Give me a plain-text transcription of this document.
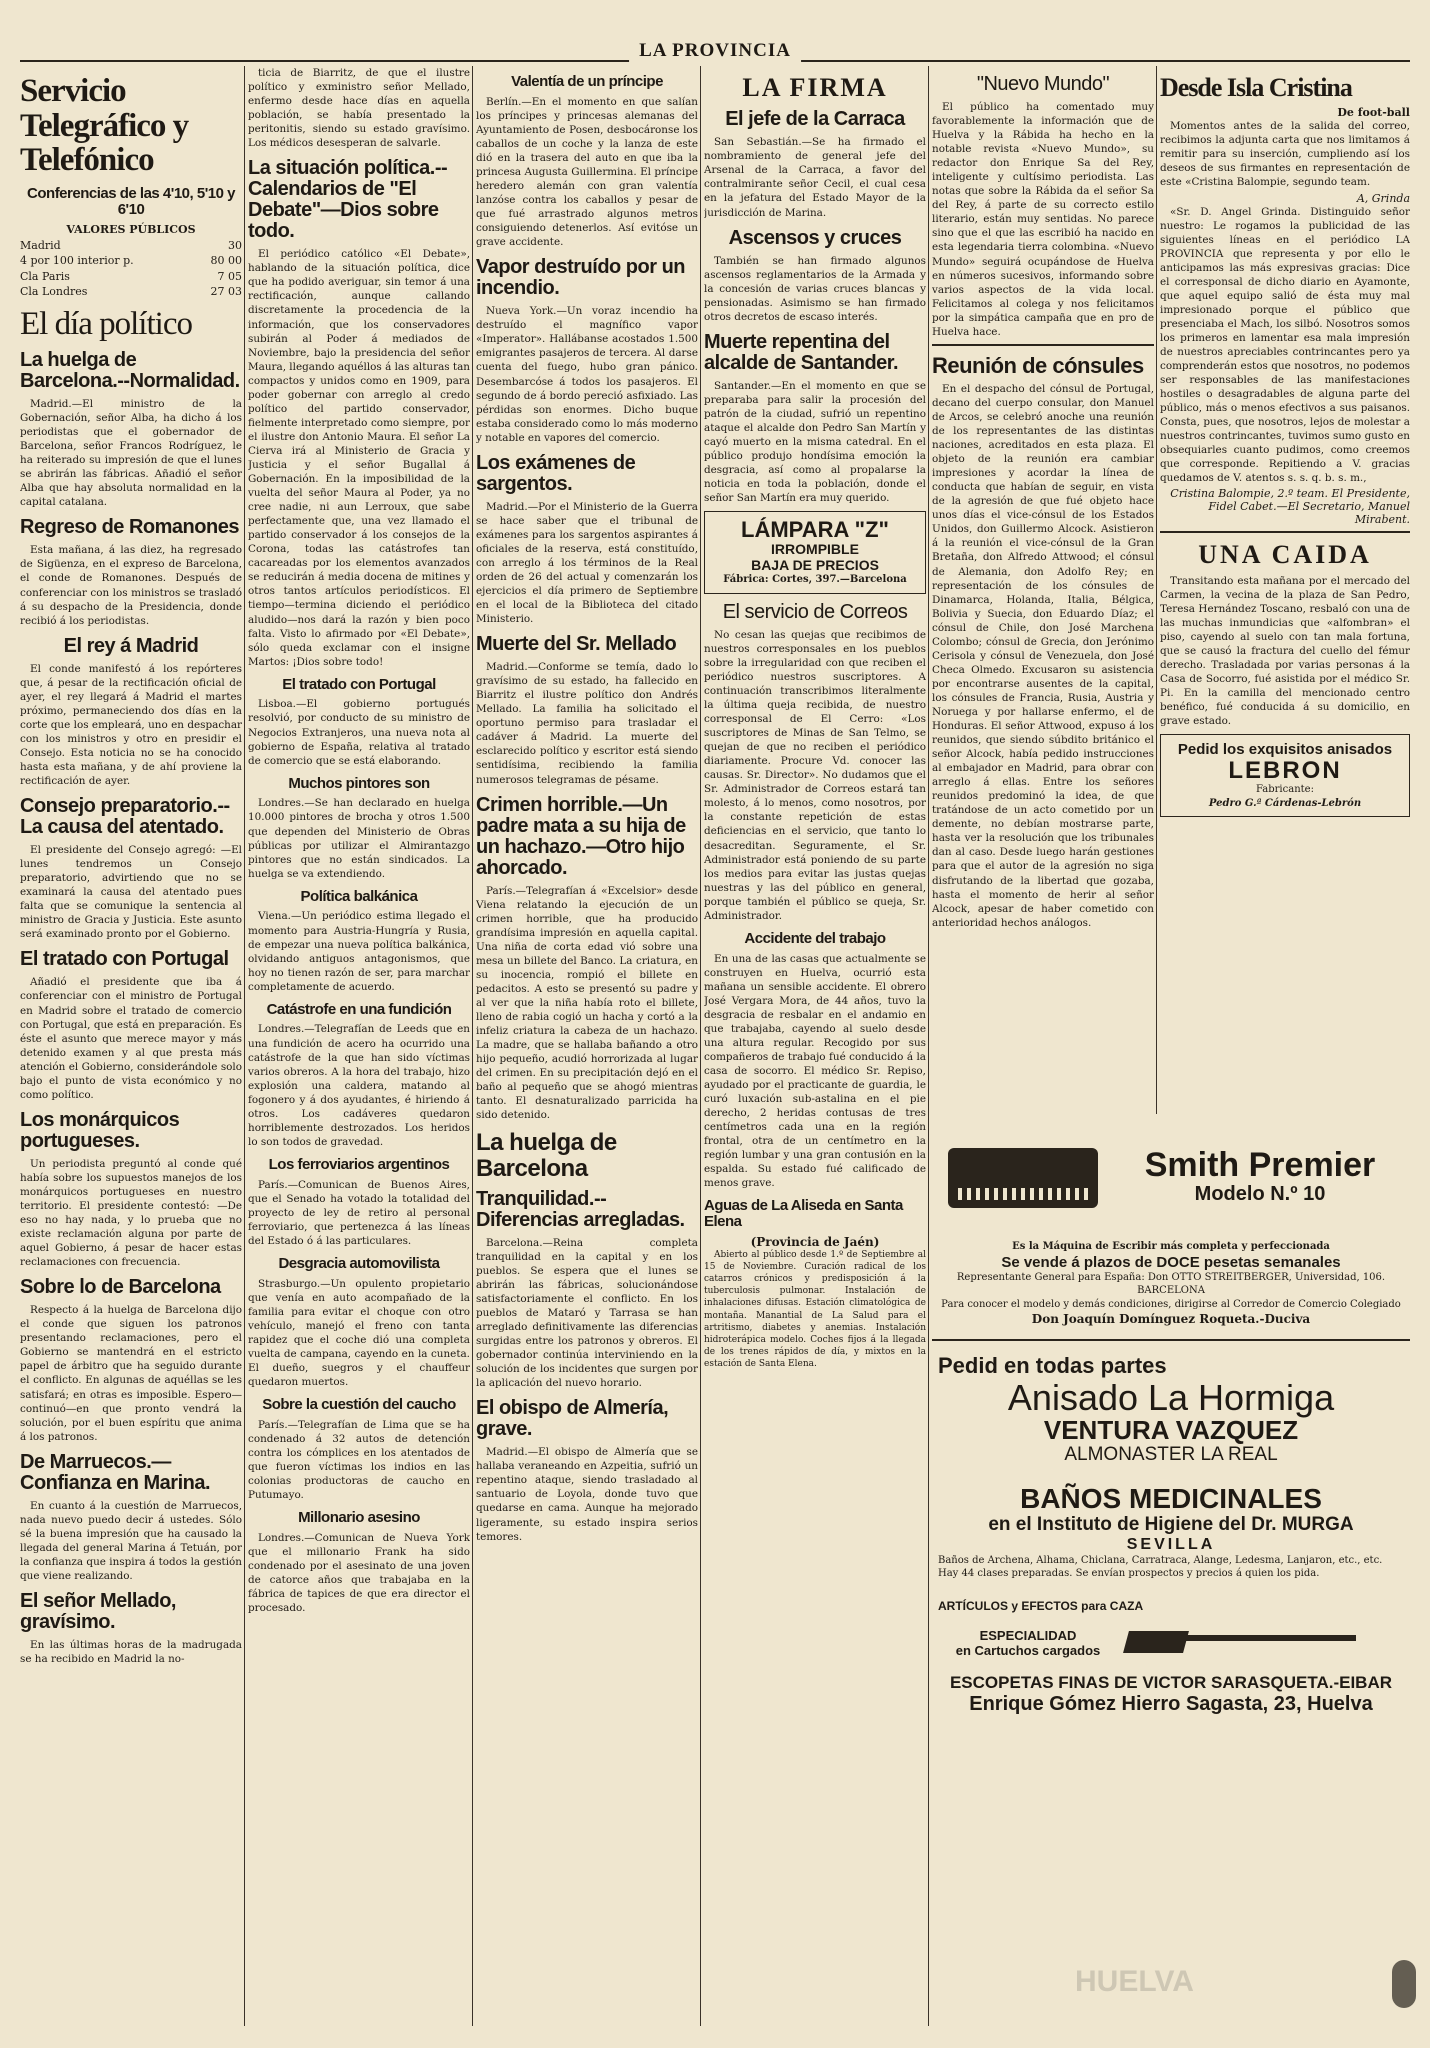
LA PROVINCIA
Servicio Telegráfico y Telefónico
Conferencias de las 4'10, 5'10 y 6'10
VALORES PÚBLICOS
Madrid	30
4 por 100 interior p.	80 00
Cla Paris	7 05
Cla Londres	27 03
El día político
La huelga de Barcelona.--Normalidad.

Madrid.—El ministro de la Gobernación, señor Alba, ha dicho á los periodistas que el gobernador de Barcelona, señor Francos Rodríguez, le ha reiterado su impresión de que el lunes se abrirán las fábricas. Añadió el señor Alba que hay absoluta normalidad en la capital catalana.

Regreso de Romanones

Esta mañana, á las diez, ha regresado de Sigüenza, en el expreso de Barcelona, el conde de Romanones. Después de conferenciar con los ministros se trasladó á su despacho de la Presidencia, donde recibió á los periodistas.

El rey á Madrid

El conde manifestó á los repórteres que, á pesar de la rectificación oficial de ayer, el rey llegará á Madrid el martes próximo, permaneciendo dos días en la corte que los empleará, uno en despachar con los ministros y otro en presidir el Consejo. Esta noticia no se ha conocido hasta esta mañana, y de ahí proviene la rectificación de ayer.

Consejo preparatorio.--La causa del atentado.

El presidente del Consejo agregó: —El lunes tendremos un Consejo preparatorio, advirtiendo que no se examinará la causa del atentado pues falta que se comunique la sentencia al ministro de Gracia y Justicia. Este asunto será examinado pronto por el Gobierno.

El tratado con Portugal

Añadió el presidente que iba á conferenciar con el ministro de Portugal en Madrid sobre el tratado de comercio con Portugal, que está en preparación. Es éste el asunto que merece mayor y más detenido examen y al que presta más atención el Gobierno, considerándole solo bajo el punto de vista económico y no como político.

Los monárquicos portugueses.

Un periodista preguntó al conde qué había sobre los supuestos manejos de los monárquicos portugueses en nuestro territorio. El presidente contestó: —De eso no hay nada, y lo prueba que no existe reclamación alguna por parte de aquel Gobierno, á pesar de hacer estas reclamaciones con frecuencia.

Sobre lo de Barcelona

Respecto á la huelga de Barcelona dijo el conde que siguen los patronos presentando reclamaciones, pero el Gobierno se mantendrá en el estricto papel de árbitro que ha seguido durante el conflicto. En algunas de aquéllas se les satisfará; en otras es imposible. Espero—continuó—en que pronto vendrá la solución, por el buen espíritu que anima á los patronos.

De Marruecos.—Confianza en Marina.

En cuanto á la cuestión de Marruecos, nada nuevo puedo decir á ustedes. Sólo sé la buena impresión que ha causado la llegada del general Marina á Tetuán, por la confianza que inspira á todos la gestión que viene realizando.

El señor Mellado, gravísimo.

En las últimas horas de la madrugada se ha recibido en Madrid la no-

ticia de Biarritz, de que el ilustre político y exministro señor Mellado, enfermo desde hace días en aquella población, se había presentado la peritonitis, siendo su estado gravísimo. Los médicos desesperan de salvarle.

La situación política.--Calendarios de "El Debate"—Dios sobre todo.

El periódico católico «El Debate», hablando de la situación política, dice que ha podido averiguar, sin temor á una rectificación, aunque callando discretamente la procedencia de la información, que los conservadores subirán al Poder á mediados de Noviembre, bajo la presidencia del señor Maura, llegando aquéllos á las alturas tan compactos y unidos como en 1909, para poder gobernar con arreglo al credo político del partido conservador, fielmente interpretado como siempre, por el ilustre don Antonio Maura. El señor La Cierva irá al Ministerio de Gracia y Justicia y el señor Bugallal á Gobernación. En la imposibilidad de la vuelta del señor Maura al Poder, ya no cree nadie, ni aun Lerroux, que sabe perfectamente que, una vez llamado el partido conservador á los consejos de la Corona, todas las catástrofes tan cacareadas por los elementos avanzados se reducirán á media docena de mitines y otros tantos artículos periodísticos. El tiempo—termina diciendo el periódico aludido—nos dará la razón y bien poco falta. Visto lo afirmado por «El Debate», sólo queda exclamar con el insigne Martos: ¡Dios sobre todo!

El tratado con Portugal

Lisboa.—El gobierno portugués resolvió, por conducto de su ministro de Negocios Extranjeros, una nueva nota al gobierno de España, relativa al tratado de comercio que se está elaborando.

Muchos pintores son

Londres.—Se han declarado en huelga 10.000 pintores de brocha y otros 1.500 que dependen del Ministerio de Obras públicas por utilizar el Almirantazgo pintores que no están sindicados. La huelga se va extendiendo.

Política balkánica

Viena.—Un periódico estima llegado el momento para Austria-Hungría y Rusia, de empezar una nueva política balkánica, olvidando antiguos antagonismos, que hoy no tienen razón de ser, para marchar completamente de acuerdo.

Catástrofe en una fundición

Londres.—Telegrafían de Leeds que en una fundición de acero ha ocurrido una catástrofe de la que han sido víctimas varios obreros. A la hora del trabajo, hizo explosión una caldera, matando al fogonero y á dos ayudantes, é hiriendo á otros. Los cadáveres quedaron horriblemente destrozados. Los heridos lo son todos de gravedad.

Los ferroviarios argentinos

París.—Comunican de Buenos Aires, que el Senado ha votado la totalidad del proyecto de ley de retiro al personal ferroviario, que pertenezca á las líneas del Estado ó á las particulares.

Desgracia automovilista

Strasburgo.—Un opulento propietario que venía en auto acompañado de la familia para evitar el choque con otro vehículo, manejó el freno con tanta rapidez que el coche dió una completa vuelta de campana, cayendo en la cuneta. El dueño, suegros y el chauffeur quedaron muertos.

Sobre la cuestión del caucho

París.—Telegrafían de Lima que se ha condenado á 32 autos de detención contra los cómplices en los atentados de que fueron víctimas los indios en las colonias productoras de caucho en Putumayo.

Millonario asesino

Londres.—Comunican de Nueva York que el millonario Frank ha sido condenado por el asesinato de una joven de catorce años que trabajaba en la fábrica de tapices de que era director el procesado.

Valentía de un príncipe

Berlín.—En el momento en que salían los príncipes y princesas alemanas del Ayuntamiento de Posen, desbocáronse los caballos de un coche y la lanza de este dió en la trasera del auto en que iba la princesa Augusta Guillermina. El príncipe heredero alemán con gran valentía lanzóse contra los caballos y pesar de que fué arrastrado algunos metros consiguiendo detenerlos. Así evitóse un grave accidente.

Vapor destruído por un incendio.

Nueva York.—Un voraz incendio ha destruído el magnífico vapor «Imperator». Hallábanse acostados 1.500 emigrantes pasajeros de tercera. Al darse cuenta del fuego, hubo gran pánico. Desembarcóse á todos los pasajeros. El segundo de á bordo pereció asfixiado. Las pérdidas son enormes. Dicho buque estaba considerado como lo más moderno y notable en vapores del comercio.

Los exámenes de sargentos.

Madrid.—Por el Ministerio de la Guerra se hace saber que el tribunal de exámenes para los sargentos aspirantes á oficiales de la reserva, está constituído, con arreglo á los términos de la Real orden de 26 del actual y comenzarán los ejercicios el día primero de Septiembre en el local de la Biblioteca del citado Ministerio.

Muerte del Sr. Mellado

Madrid.—Conforme se temía, dado lo gravísimo de su estado, ha fallecido en Biarritz el ilustre político don Andrés Mellado. La familia ha solicitado el oportuno permiso para trasladar el cadáver á Madrid. La muerte del esclarecido político y escritor está siendo sentidísima, recibiendo la familia numerosos telegramas de pésame.

Crimen horrible.—Un padre mata a su hija de un hachazo.—Otro hijo ahorcado.

París.—Telegrafían á «Excelsior» desde Viena relatando la ejecución de un crimen horrible, que ha producido grandísima impresión en aquella capital. Una niña de corta edad vió sobre una mesa un billete del Banco. La criatura, en su inocencia, rompió el billete en pedacitos. A esto se presentó su padre y al ver que la niña había roto el billete, lleno de rabia cogió un hacha y cortó a la infeliz criatura la cabeza de un hachazo. La madre, que se hallaba bañando a otro hijo pequeño, acudió horrorizada al lugar del crimen. En su precipitación dejó en el baño al pequeño que se ahogó mientras tanto. El desnaturalizado parricida ha sido detenido.

La huelga de Barcelona
Tranquilidad.--Diferencias arregladas.

Barcelona.—Reina completa tranquilidad en la capital y en los pueblos. Se espera que el lunes se abrirán las fábricas, solucionándose satisfactoriamente el conflicto. En los pueblos de Mataró y Tarrasa se han arreglado definitivamente las diferencias surgidas entre los patronos y obreros. El gobernador continúa interviniendo en la solución de los incidentes que surgen por la aplicación del nuevo horario.

El obispo de Almería, grave.

Madrid.—El obispo de Almería que se hallaba veraneando en Azpeitia, sufrió un repentino ataque, siendo trasladado al santuario de Loyola, donde tuvo que quedarse en cama. Aunque ha mejorado ligeramente, su estado inspira serios temores.

LA FIRMA
El jefe de la Carraca

San Sebastián.—Se ha firmado el nombramiento de general jefe del Arsenal de la Carraca, a favor del contralmirante señor Cecil, el cual cesa en la jefatura del Estado Mayor de la jurisdicción de Marina.

Ascensos y cruces

También se han firmado algunos ascensos reglamentarios de la Armada y la concesión de varias cruces blancas y pensionadas. Asimismo se han firmado otros decretos de escaso interés.

Muerte repentina del alcalde de Santander.

Santander.—En el momento en que se preparaba para salir la procesión del patrón de la ciudad, sufrió un repentino ataque el alcalde don Pedro San Martín y cayó muerto en la misma catedral. En el público produjo hondísima emoción la desgracia, así como al propalarse la noticia en toda la población, donde el señor San Martín era muy querido.

LÁMPARA "Z"
IRROMPIBLE
BAJA DE PRECIOS
Fábrica: Cortes, 397.—Barcelona
El servicio de Correos

No cesan las quejas que recibimos de nuestros corresponsales en los pueblos sobre la irregularidad con que reciben el periódico nuestros suscriptores. A continuación transcribimos literalmente la última queja recibida, de nuestro corresponsal de El Cerro: «Los suscriptores de Minas de San Telmo, se quejan de que no reciben el periódico diariamente. Procure Vd. conocer las causas. Sr. Director». No dudamos que el Sr. Administrador de Correos estará tan molesto, á lo menos, como nosotros, por la constante repetición de estas deficiencias en el servicio, que tanto lo desacreditan. Seguramente, el Sr. Administrador está poniendo de su parte los medios para evitar las justas quejas nuestras y las del público en general, porque también el público se queja, Sr. Administrador.

Accidente del trabajo

En una de las casas que actualmente se construyen en Huelva, ocurrió esta mañana un sensible accidente. El obrero José Vergara Mora, de 44 años, tuvo la desgracia de resbalar en el andamio en que trabajaba, cayendo al suelo desde una altura regular. Recogido por sus compañeros de trabajo fué conducido á la casa de socorro. El médico Sr. Repiso, ayudado por el practicante de guardia, le curó luxación sub-astalina en el pie derecho, 2 heridas contusas de tres centímetros cada una en la región frontal, otra de un centímetro en la región lumbar y una gran contusión en la espalda. Su estado fué calificado de menos grave.

Aguas de La Aliseda en Santa Elena
(Provincia de Jaén)

Abierto al público desde 1.º de Septiembre al 15 de Noviembre. Curación radical de los catarros crónicos y predisposición á la tuberculosis pulmonar. Instalación de inhalaciones difusas. Estación climatológica de montaña. Manantial de La Salud para el artritismo, diabetes y anemias. Instalación hidroterápica modelo. Coches fijos á la llegada de los trenes rápidos de día, y mixtos en la estación de Santa Elena.

"Nuevo Mundo"

El público ha comentado muy favorablemente la información que de Huelva y la Rábida ha hecho en la notable revista «Nuevo Mundo», su redactor don Enrique Sa del Rey, inteligente y cultísimo periodista. Las notas que sobre la Rábida da el señor Sa del Rey, á parte de su correcto estilo literario, están muy sentidas. No parece sino que el que las escribió ha nacido en esta legendaria tierra colombina. «Nuevo Mundo» seguirá ocupándose de Huelva en números sucesivos, informando sobre varios aspectos de la vida local. Felicitamos al colega y nos felicitamos por la simpática campaña que en pro de Huelva hace.

Reunión de cónsules

En el despacho del cónsul de Portugal, decano del cuerpo consular, don Manuel de Arcos, se celebró anoche una reunión de los representantes de las distintas naciones, acreditados en esta plaza. El objeto de la reunión era cambiar impresiones y acordar la línea de conducta que habían de seguir, en vista de la agresión de que fué objeto hace unos días el vice-cónsul de los Estados Unidos, don Guillermo Alcock. Asistieron á la reunión el vice-cónsul de la Gran Bretaña, don Alfredo Attwood; el cónsul de Alemania, don Adolfo Rey; en representación de los cónsules de Dinamarca, Holanda, Italia, Bélgica, Bolivia y Suecia, don Eduardo Díaz; el cónsul de Chile, don José Marchena Colombo; cónsul de Grecia, don Jerónimo Cerisola y cónsul de Venezuela, don José Checa Olmedo. Excusaron su asistencia por encontrarse ausentes de la capital, los cónsules de Francia, Rusia, Austria y Noruega y por hallarse enfermo, el de Honduras. El señor Attwood, expuso á los reunidos, que siendo súbdito británico el señor Alcock, había pedido instrucciones al embajador en Madrid, para obrar con arreglo á ellas. Entre los señores reunidos predominó la idea, de que tratándose de un acto cometido por un demente, no debían mostrarse parte, hasta ver la resolución que los tribunales dan al caso. Desde luego harán gestiones para que el autor de la agresión no siga disfrutando de la libertad que gozaba, hasta el momento de herir al señor Alcock, apesar de haber cometido con anterioridad hechos análogos.

Desde Isla Cristina
De foot-ball

Momentos antes de la salida del correo, recibimos la adjunta carta que nos limitamos á remitir para su inserción, cumpliendo así los deseos de sus firmantes en representación de este «Cristina Balompie, segundo team.

A, Grinda

«Sr. D. Angel Grinda. Distinguido señor nuestro: Le rogamos la publicidad de las siguientes líneas en el periódico LA PROVINCIA que representa y por ello le anticipamos las más expresivas gracias: Dice el corresponsal de dicho diario en Ayamonte, que aquel equipo salió de ésta muy mal impresionado porque el público que presenciaba el Mach, los silbó. Nosotros somos los primeros en lamentar esa mala impresión de nuestros apreciables contrincantes pero ya comprenderán estos que nosotros, no podemos ser responsables de las manifestaciones hostiles o desagradables de alguna parte del público, más o menos efectivos a sus paisanos. Consta, pues, que nosotros, lejos de molestar a nuestros contrincantes, tuvimos sumo gusto en obsequiarles cuanto pudimos, como creemos que corresponde. Repitiendo a V. gracias quedamos de V. atentos s. s. q. b. s. m.,

Cristina Balompie, 2.º team. El Presidente, Fidel Cabet.—El Secretario, Manuel Mirabent.
UNA CAIDA

Transitando esta mañana por el mercado del Carmen, la vecina de la plaza de San Pedro, Teresa Hernández Toscano, resbaló con una de las muchas inmundicias que «alfombran» el piso, cayendo al suelo con tan mala fortuna, que se causó la fractura del cuello del fémur derecho. Trasladada por varias personas á la Casa de Socorro, fué asistida por el médico Sr. Pi. En la camilla del mencionado centro benéfico, fué conducida á su domicilio, en grave estado.

Pedid los exquisitos anisados
LEBRON
Fabricante:
Pedro G.ª Cárdenas-Lebrón
Smith Premier
Modelo N.º 10
Es la Máquina de Escribir más completa y perfeccionada
Se vende á plazos de DOCE pesetas semanales
Representante General para España: Don OTTO STREITBERGER, Universidad, 106. BARCELONA
Para conocer el modelo y demás condiciones, dirigirse al Corredor de Comercio Colegiado
Don Joaquín Domínguez Roqueta.-Duciva
Pedid en todas partes
Anisado La Hormiga
VENTURA VAZQUEZ
ALMONASTER LA REAL
BAÑOS MEDICINALES
en el Instituto de Higiene del Dr. MURGA
SEVILLA
Baños de Archena, Alhama, Chiclana, Carratraca, Alange, Ledesma, Lanjaron, etc., etc. Hay 44 clases preparadas. Se envían prospectos y precios á quien los pida.
ARTÍCULOS y EFECTOS para CAZA
ESPECIALIDAD
en Cartuchos cargados
ESCOPETAS FINAS DE VICTOR SARASQUETA.-EIBAR
Enrique Gómez Hierro Sagasta, 23, Huelva
HUELVA
